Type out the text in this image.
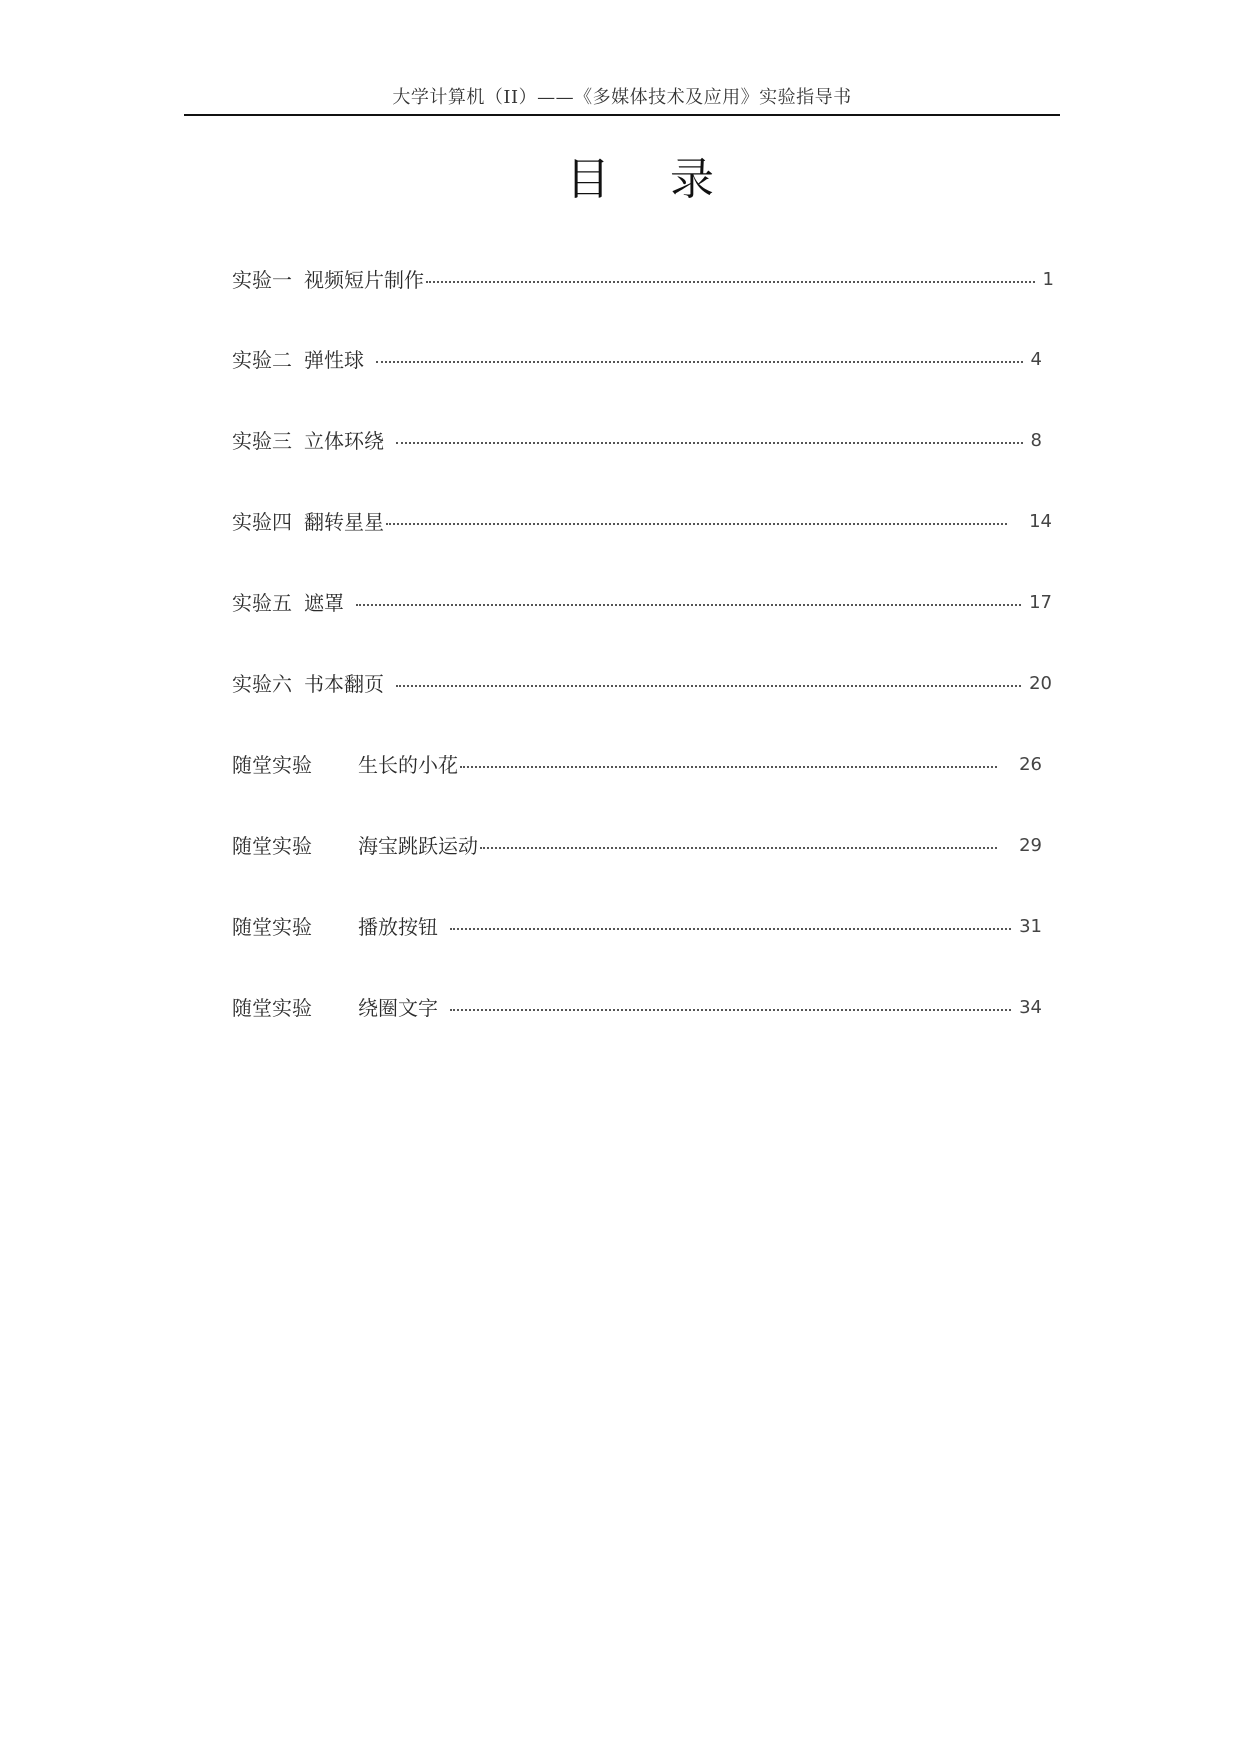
大学计算机（II）——《多媒体技术及应用》实验指导书
目录
实验一 视频短片制作	1
实验二 弹性球	4
实验三 立体环绕	8
实验四 翻转星星	14
实验五 遮罩	17
实验六 书本翻页	20
随堂实验 生长的小花	26
随堂实验 海宝跳跃运动	29
随堂实验 播放按钮	31
随堂实验 绕圈文字	34
